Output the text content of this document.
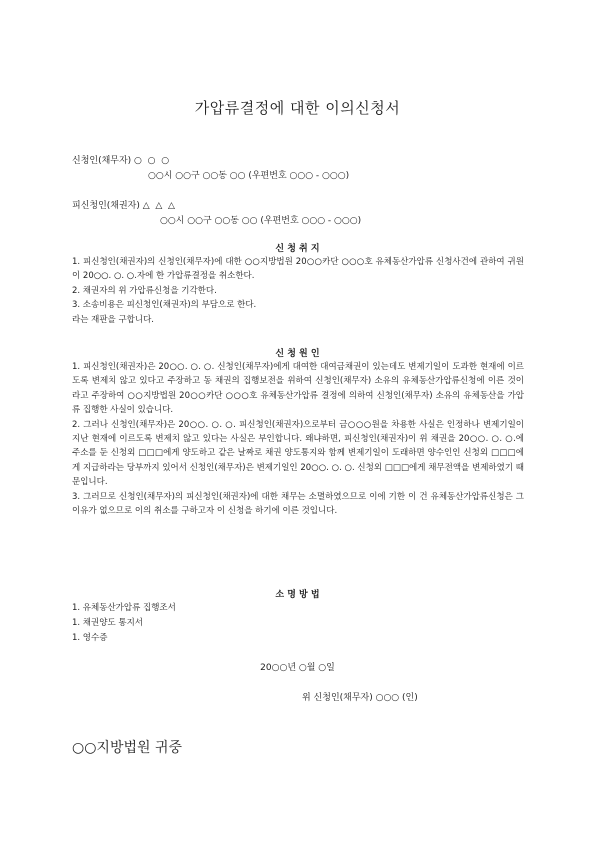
가압류결정에 대한 이의신청서
신청인(채무자) ○  ○  ○
○○시 ○○구 ○○동 ○○ (우편번호 ○○○ - ○○○)
피신청인(채권자) △  △  △
○○시 ○○구 ○○동 ○○ (우편번호 ○○○ - ○○○)
신 청 취 지

1. 피신청인(채권자)의 신청인(채무자)에 대한 ○○지방법원 20○○카단 ○○○호 유체동산가압류 신청사건에 관하여 귀원이 20○○. ○. ○.자에 한 가압류결정을 취소한다.

2. 채권자의 위 가압류신청을 기각한다.

3. 소송비용은 피신청인(채권자)의 부담으로 한다.

라는 재판을 구합니다.

신 청 원 인

1. 피신청인(채권자)은 20○○. ○. ○. 신청인(채무자)에게 대여한 대여금채권이 있는데도 변제기일이 도과한 현재에 이르도록 변제치 않고 있다고 주장하고 동 채권의 집행보전을 위하여 신청인(채무자) 소유의 유체동산가압류신청에 이른 것이라고 주장하여 ○○지방법원 20○○카단 ○○○호 유체동산가압류 결정에 의하여 신청인(채무자) 소유의 유체동산을 가압류 집행한 사실이 있습니다.

2. 그러나 신청인(채무자)은 20○○. ○. ○. 피신청인(채권자)으로부터 금○○○원을 차용한 사실은 인정하나 변제기일이 지난 현재에 이르도록 변제치 않고 있다는 사실은 부인합니다. 왜냐하면, 피신청인(채권자)이 위 채권을 20○○. ○. ○.에 주소를 둔 신청외 □□□에게 양도하고 같은 날짜로 채권 양도통지와 함께 변제기일이 도래하면 양수인인 신청외 □□□에게 지급하라는 당부까지 있어서 신청인(채무자)은 변제기일인 20○○. ○. ○. 신청외 □□□에게 채무전액을 변제하였기 때문입니다.

3. 그러므로 신청인(채무자)의 피신청인(채권자)에 대한 채무는 소멸하였으므로 이에 기한 이 건 유체동산가압류신청은 그 이유가 없으므로 이의 취소를 구하고자 이 신청을 하기에 이른 것입니다.

소 명 방 법
1. 유체동산가압류 집행조서
1. 채권양도 통지서
1. 영수증
20○○년 ○월 ○일
위 신청인(채무자) ○○○ (인)
○○지방법원 귀중
